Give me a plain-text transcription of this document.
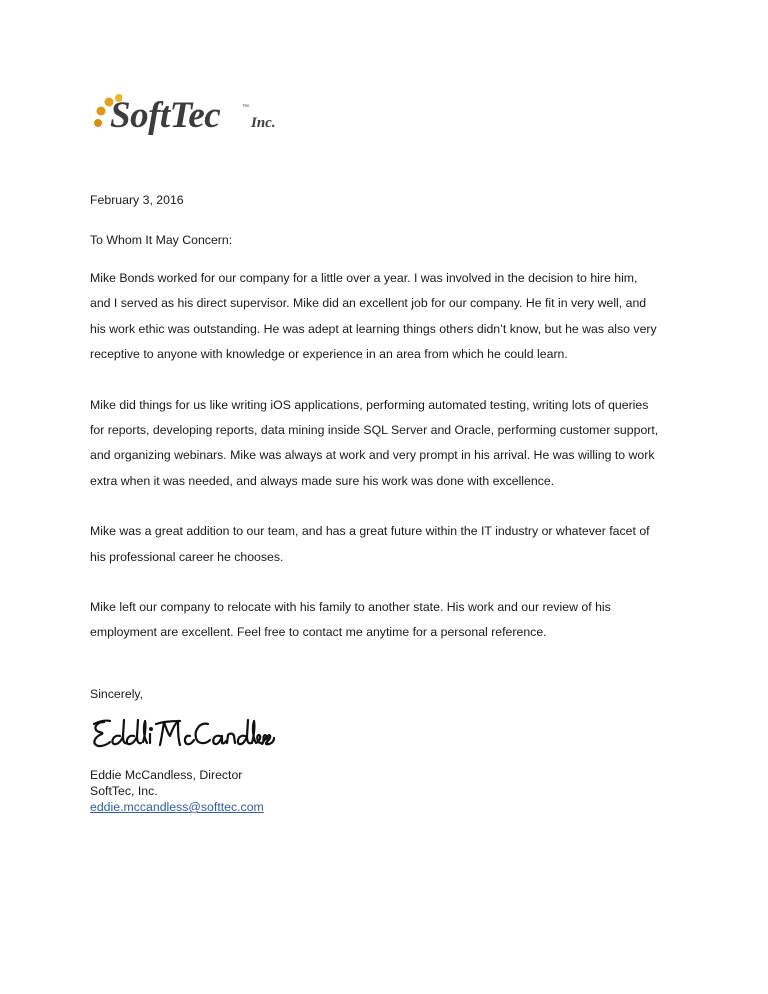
SoftTec	™
Inc.
February 3, 2016
To Whom It May Concern:
Mike Bonds worked for our company for a little over a year. I was involved in the decision to hire him,
and I served as his direct supervisor. Mike did an excellent job for our company. He fit in very well, and
his work ethic was outstanding. He was adept at learning things others didn’t know, but he was also very
receptive to anyone with knowledge or experience in an area from which he could learn.
Mike did things for us like writing iOS applications, performing automated testing, writing lots of queries
for reports, developing reports, data mining inside SQL Server and Oracle, performing customer support,
and organizing webinars. Mike was always at work and very prompt in his arrival. He was willing to work
extra when it was needed, and always made sure his work was done with excellence.
Mike was a great addition to our team, and has a great future within the IT industry or whatever facet of
his professional career he chooses.
Mike left our company to relocate with his family to another state. His work and our review of his
employment are excellent. Feel free to contact me anytime for a personal reference.
Sincerely,
Eddie McCandless, Director
SoftTec, Inc.
eddie.mccandless@softtec.com
